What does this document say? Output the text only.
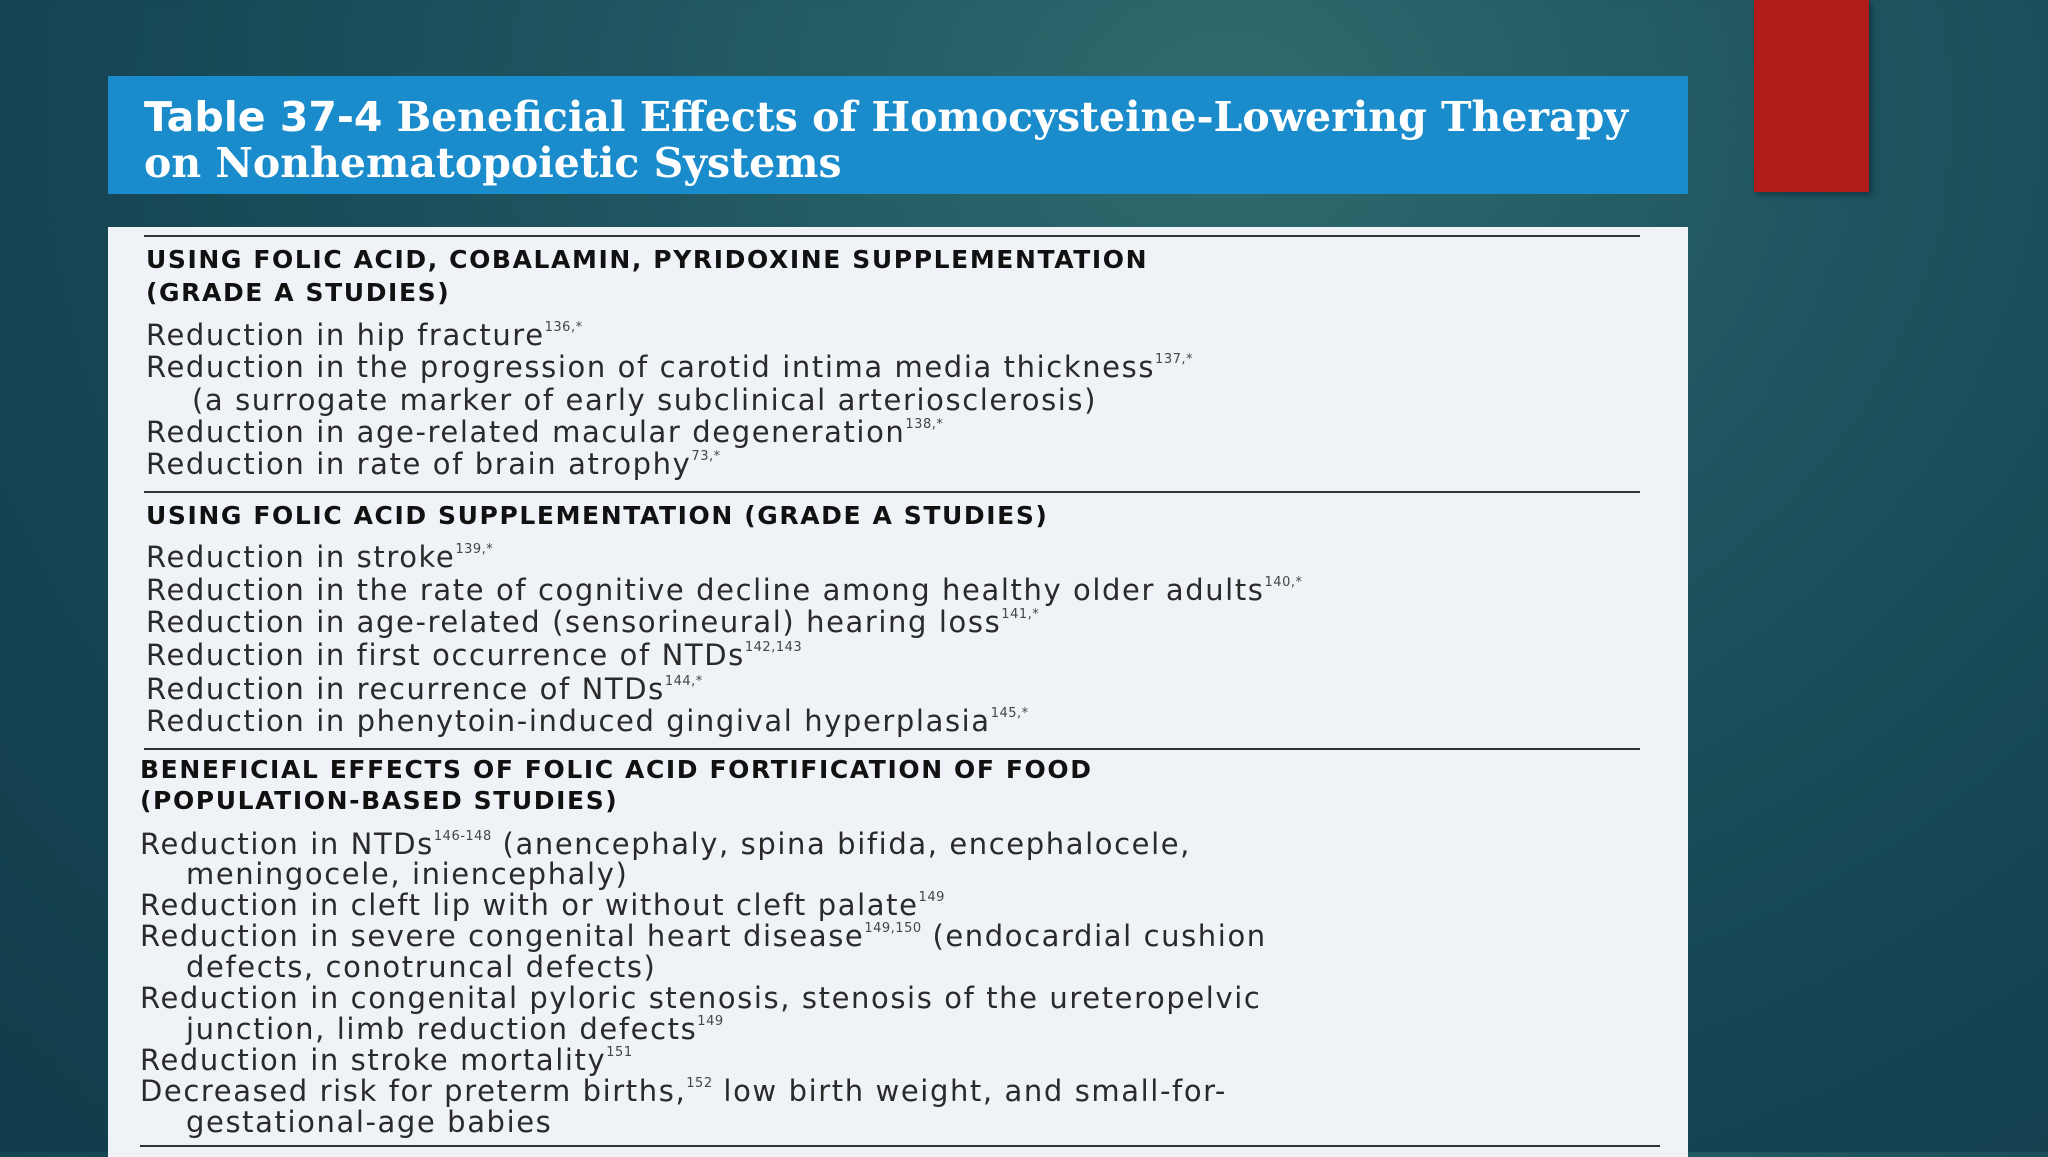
Table 37-4 Beneficial Effects of Homocysteine-Lowering Therapy
on Nonhematopoietic Systems
USING FOLIC ACID, COBALAMIN, PYRIDOXINE SUPPLEMENTATION
(GRADE A STUDIES)
Reduction in hip fracture$^{136,*}$
Reduction in the progression of carotid intima media thickness$^{137,*}$
(a surrogate marker of early subclinical arteriosclerosis)
Reduction in age-related macular degeneration$^{138,*}$
Reduction in rate of brain atrophy$^{73,*}$
USING FOLIC ACID SUPPLEMENTATION (GRADE A STUDIES)
Reduction in stroke$^{139,*}$
Reduction in the rate of cognitive decline among healthy older adults$^{140,*}$
Reduction in age-related (sensorineural) hearing loss$^{141,*}$
Reduction in first occurrence of NTDs$^{142,143}$
Reduction in recurrence of NTDs$^{144,*}$
Reduction in phenytoin-induced gingival hyperplasia$^{145,*}$
BENEFICIAL EFFECTS OF FOLIC ACID FORTIFICATION OF FOOD
(POPULATION-BASED STUDIES)
Reduction in NTDs$^{146-148}$ (anencephaly, spina bifida, encephalocele,
meningocele, iniencephaly)
Reduction in cleft lip with or without cleft palate$^{149}$
Reduction in severe congenital heart disease$^{149,150}$ (endocardial cushion
defects, conotruncal defects)
Reduction in congenital pyloric stenosis, stenosis of the ureteropelvic
junction, limb reduction defects$^{149}$
Reduction in stroke mortality$^{151}$
Decreased risk for preterm births,$^{152}$ low birth weight, and small-for-
gestational-age babies
